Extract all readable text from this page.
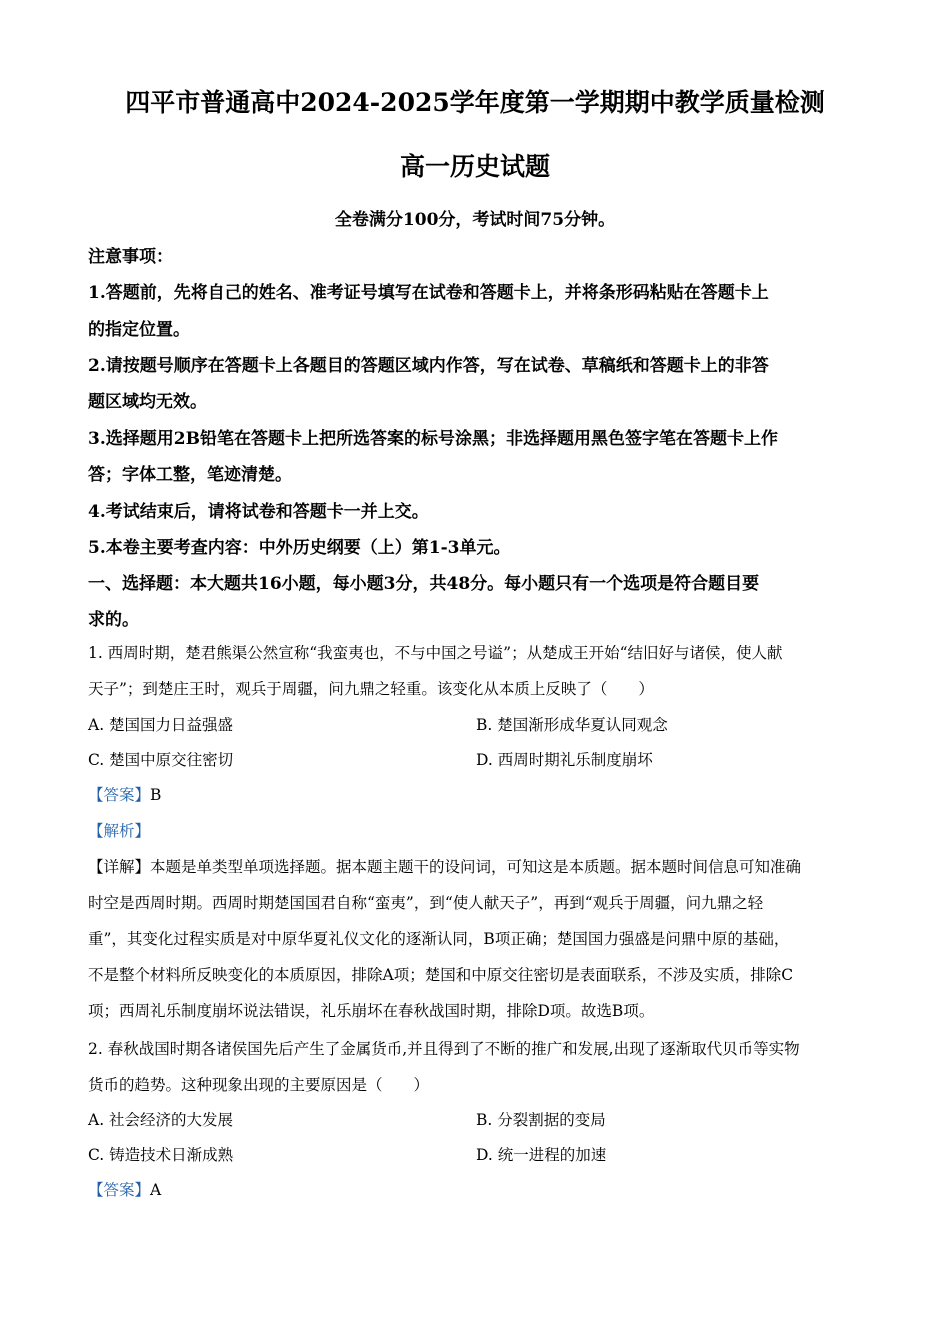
四平市普通高中2024-2025学年度第一学期期中教学质量检测
高一历史试题
全卷满分100分，考试时间75分钟。
注意事项：
1.答题前，先将自己的姓名、准考证号填写在试卷和答题卡上，并将条形码粘贴在答题卡上
的指定位置。
2.请按题号顺序在答题卡上各题目的答题区域内作答，写在试卷、草稿纸和答题卡上的非答
题区域均无效。
3.选择题用2B铅笔在答题卡上把所选答案的标号涂黑；非选择题用黑色签字笔在答题卡上作
答；字体工整，笔迹清楚。
4.考试结束后，请将试卷和答题卡一并上交。
5.本卷主要考查内容：中外历史纲要（上）第1-3单元。
一、选择题：本大题共16小题，每小题3分，共48分。每小题只有一个选项是符合题目要
求的。
1. 西周时期，楚君熊渠公然宣称“我蛮夷也，不与中国之号谥”；从楚成王开始“结旧好与诸侯，使人献
天子”；到楚庄王时，观兵于周疆，问九鼎之轻重。该变化从本质上反映了（　　）
A. 楚国国力日益强盛	B. 楚国渐形成华夏认同观念
C. 楚国中原交往密切	D. 西周时期礼乐制度崩坏
【答案】B
【解析】
【详解】本题是单类型单项选择题。据本题主题干的设问词，可知这是本质题。据本题时间信息可知准确
时空是西周时期。西周时期楚国国君自称“蛮夷”，到“使人献天子”，再到“观兵于周疆，问九鼎之轻
重”，其变化过程实质是对中原华夏礼仪文化的逐渐认同，B项正确；楚国国力强盛是问鼎中原的基础，
不是整个材料所反映变化的本质原因，排除A项；楚国和中原交往密切是表面联系，不涉及实质，排除C
项；西周礼乐制度崩坏说法错误，礼乐崩坏在春秋战国时期，排除D项。故选B项。
2. 春秋战国时期各诸侯国先后产生了金属货币,并且得到了不断的推广和发展,出现了逐渐取代贝币等实物
货币的趋势。这种现象出现的主要原因是（　　）
A. 社会经济的大发展	B. 分裂割据的变局
C. 铸造技术日渐成熟	D. 统一进程的加速
【答案】A
